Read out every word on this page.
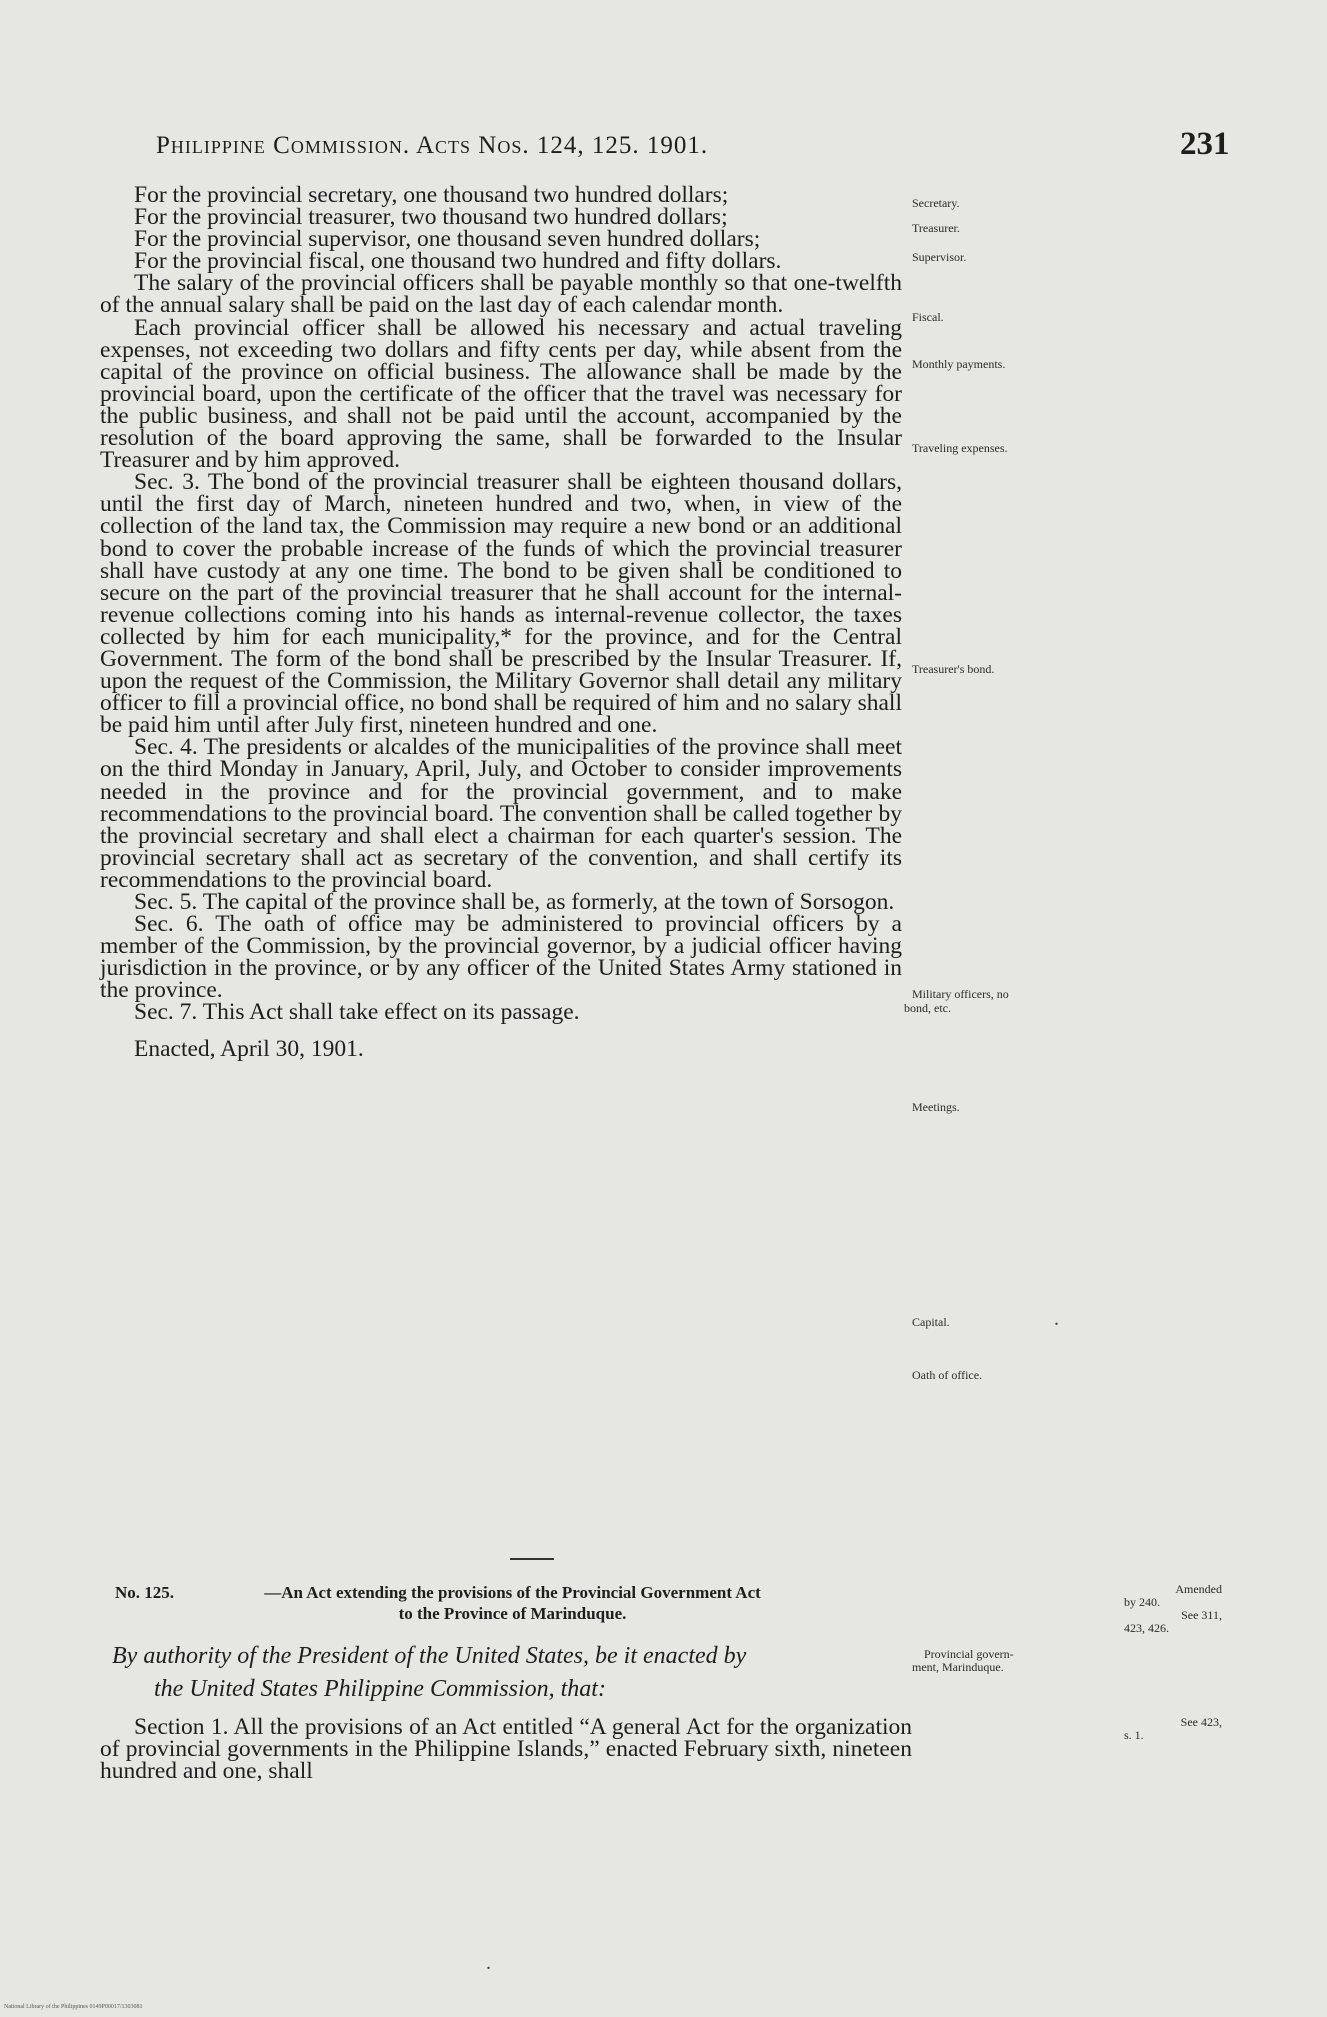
Philippine Commission. Acts Nos. 124, 125. 1901.	231

For the provincial secretary, one thousand two hundred dollars;

For the provincial treasurer, two thousand two hundred dollars;

For the provincial supervisor, one thousand seven hundred dollars;

For the provincial fiscal, one thousand two hundred and fifty dollars.

The salary of the provincial officers shall be payable monthly so that one-twelfth of the annual salary shall be paid on the last day of each calendar month.

Each provincial officer shall be allowed his necessary and actual traveling expenses, not exceeding two dollars and fifty cents per day, while absent from the capital of the province on official business. The allowance shall be made by the provincial board, upon the certificate of the officer that the travel was necessary for the public business, and shall not be paid until the account, accompanied by the resolution of the board approving the same, shall be forwarded to the Insular Treasurer and by him approved.

Sec. 3. The bond of the provincial treasurer shall be eighteen thousand dollars, until the first day of March, nineteen hundred and two, when, in view of the collection of the land tax, the Commission may require a new bond or an additional bond to cover the probable increase of the funds of which the provincial treasurer shall have custody at any one time. The bond to be given shall be conditioned to secure on the part of the provincial treasurer that he shall account for the internal-revenue collections coming into his hands as internal-revenue collector, the taxes collected by him for each municipality,* for the province, and for the Central Government. The form of the bond shall be prescribed by the Insular Treasurer. If, upon the request of the Commission, the Military Governor shall detail any military officer to fill a provincial office, no bond shall be required of him and no salary shall be paid him until after July first, nineteen hundred and one.

Sec. 4. The presidents or alcaldes of the municipalities of the province shall meet on the third Monday in January, April, July, and October to consider improvements needed in the province and for the provincial government, and to make recommendations to the provincial board. The convention shall be called together by the provincial secretary and shall elect a chairman for each quarter's session. The provincial secretary shall act as secretary of the convention, and shall certify its recommendations to the provincial board.

Sec. 5. The capital of the province shall be, as formerly, at the town of Sorsogon.

Sec. 6. The oath of office may be administered to provincial officers by a member of the Commission, by the provincial governor, by a judicial officer having jurisdiction in the province, or by any officer of the United States Army stationed in the province.

Sec. 7. This Act shall take effect on its passage.

Enacted, April 30, 1901.

No. 125.	—An Act extending the provisions of the Provincial Government Act
to the Province of Marinduque.
By authority of the President of the United States, be it enacted by
the United States Philippine Commission, that:

Section 1. All the provisions of an Act entitled “A general Act for the organization of provincial governments in the Philippine Islands,” enacted February sixth, nineteen hundred and one, shall

Secretary.
Treasurer.
Supervisor.
Fiscal.
Monthly payments.
Traveling expenses.
Treasurer's bond.
Military officers, no
bond, etc.
Meetings.
Capital.	.
Oath of office.
Amended
by 240.
See 311,
423, 426.
Provincial govern-
ment, Marinduque.
See 423,
s. 1.
.
National Library of the Philippines 0149P00017/1303081
